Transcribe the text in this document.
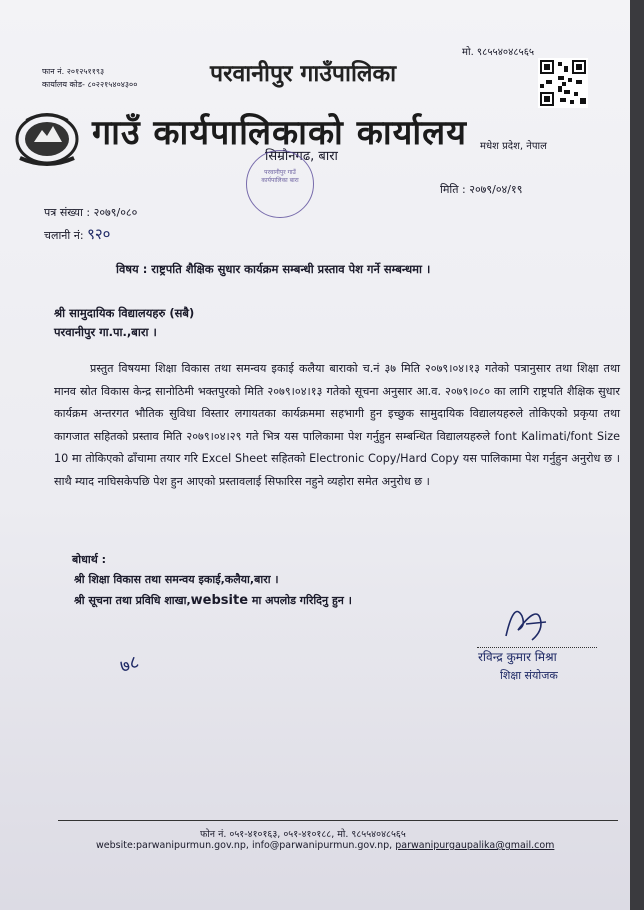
फान नं. २०१२५११९३
कार्यालय कोड- ८०२२१५४०४३००	परवानीपुर गाउँपालिका
मो. ९८५५४०४८५६५
गाउँ कार्यपालिकाको कार्यालय
सिम्रौनगढ, बारा
मधेश प्रदेश, नेपाल
परवानीपुर गाउँ कार्यपालिका बारा
मिति : २०७९/०४/१९
पत्र संख्या : २०७९/०८०
चलानी नं: ९२०
विषय : राष्ट्रपति शैक्षिक सुधार कार्यक्रम सम्बन्धी प्रस्ताव पेश गर्ने सम्बन्धमा ।
श्री सामुदायिक विद्यालयहरु (सबै)
परवानीपुर गा.पा.,बारा ।
प्रस्तुत विषयमा शिक्षा विकास तथा समन्वय इकाई कलैया बाराको च.नं ३७ मिति २०७९।०४।१३ गतेको पत्रानुसार तथा शिक्षा तथा मानव स्रोत विकास केन्द्र सानोठिमी भक्तपुरको मिति २०७९।०४।१३ गतेको सूचना अनुसार आ.व. २०७९।०८० का लागि राष्ट्रपति शैक्षिक सुधार कार्यक्रम अन्तरगत भौतिक सुविधा विस्तार लगायतका कार्यक्रममा सहभागी हुन इच्छुक सामुदायिक विद्यालयहरुले तोकिएको प्रकृया तथा कागजात सहितको प्रस्ताव मिति २०७९।०४।२९ गते भित्र यस पालिकामा पेश गर्नुहुन सम्बन्धित विद्यालयहरुले font Kalimati/font Size 10 मा तोकिएको ढाँचामा तयार गरि Excel Sheet सहितको Electronic Copy/Hard Copy यस पालिकामा पेश गर्नुहुन अनुरोध छ । साथै म्याद नाघिसकेपछि पेश हुन आएको प्रस्तावलाई सिफारिस नहुने व्यहोरा समेत अनुरोध छ ।
बोधार्थ :
श्री शिक्षा विकास तथा समन्वय इकाई,कलैया,बारा ।
श्री सूचना तथा प्रविधि शाखा,website मा अपलोड गरिदिनु हुन ।
रविन्द्र कुमार मिश्रा
शिक्षा संयोजक
७८
फोन नं. ०५१-४१०१६३, ०५१-४१०१८८, मो. ९८५५४०४८५६५
website:parwanipurmun.gov.np, info@parwanipurmun.gov.np, parwanipurgaupalika@gmail.com
